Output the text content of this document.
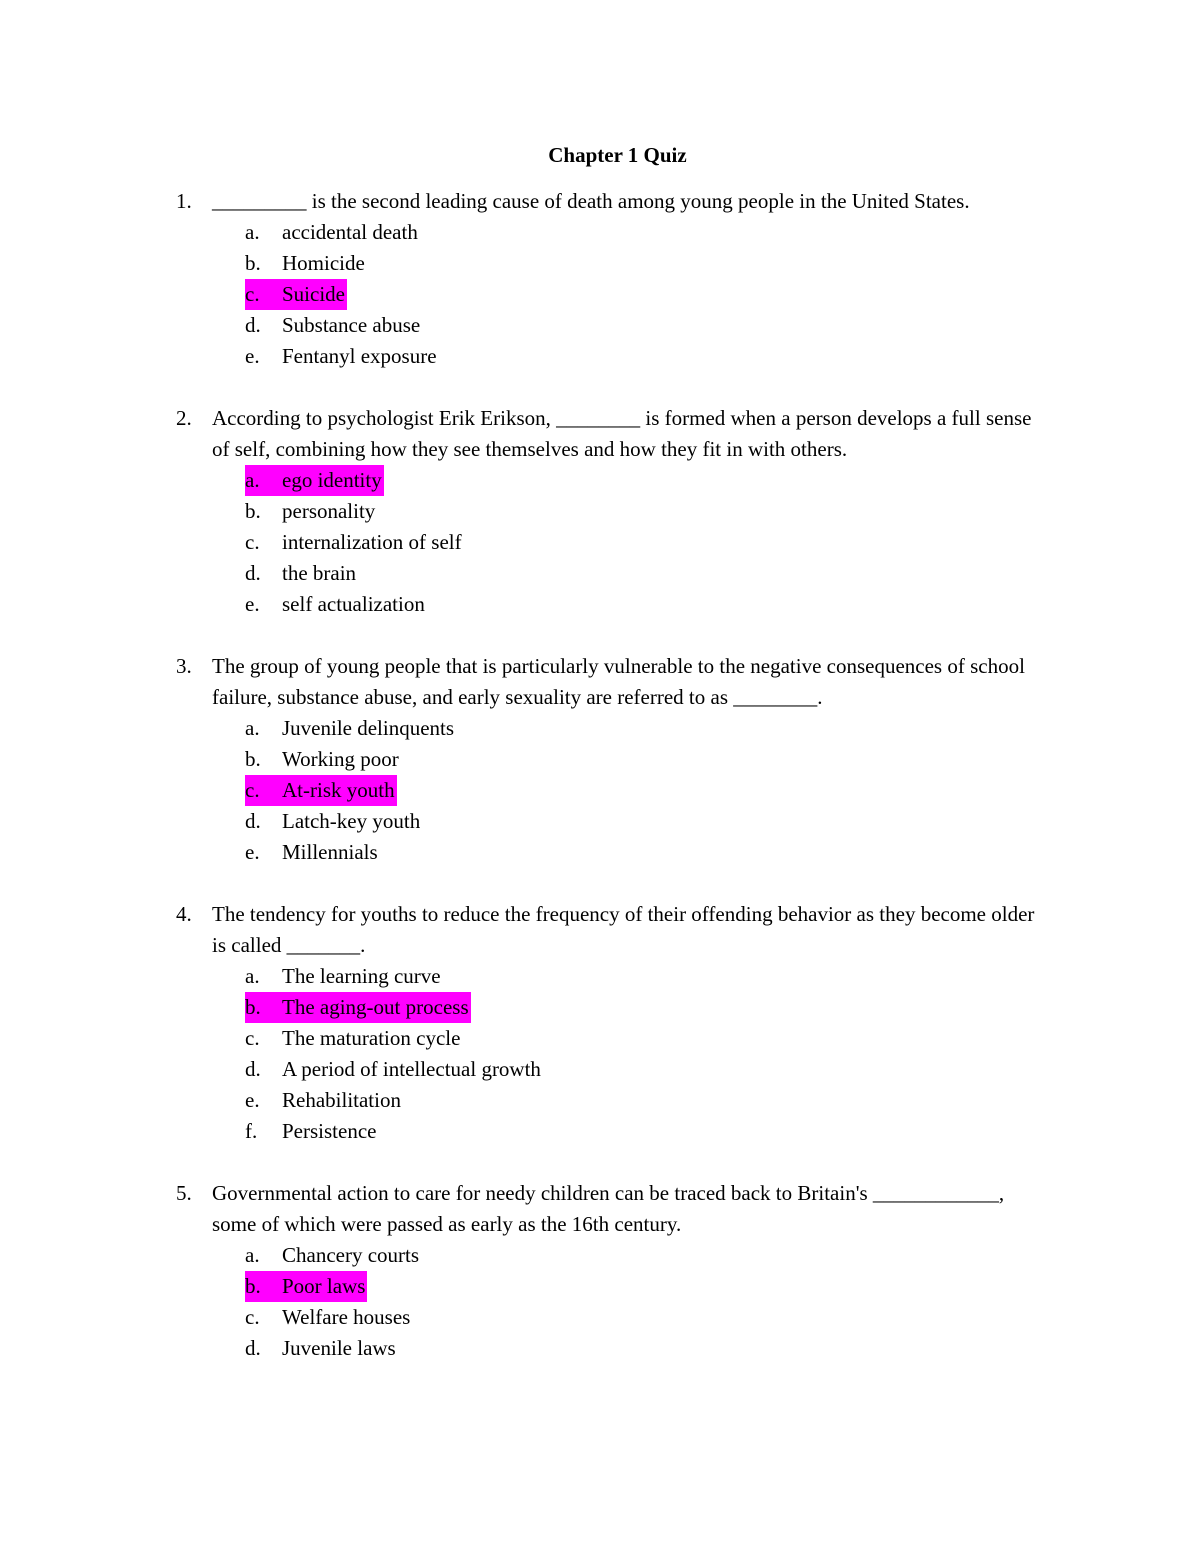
Chapter 1 Quiz
1. _________ is the second leading cause of death among young people in the United States.
a. accidental death
b. Homicide
c. Suicide
d. Substance abuse
e. Fentanyl exposure
2. According to psychologist Erik Erikson, ________ is formed when a person develops a full sense of self, combining how they see themselves and how they fit in with others.
a. ego identity
b. personality
c. internalization of self
d. the brain
e. self actualization
3. The group of young people that is particularly vulnerable to the negative consequences of school failure, substance abuse, and early sexuality are referred to as ________.
a. Juvenile delinquents
b. Working poor
c. At-risk youth
d. Latch-key youth
e. Millennials
4. The tendency for youths to reduce the frequency of their offending behavior as they become older is called _______.
a. The learning curve
b. The aging-out process
c. The maturation cycle
d. A period of intellectual growth
e. Rehabilitation
f. Persistence
5. Governmental action to care for needy children can be traced back to Britain's ____________, some of which were passed as early as the 16th century.
a. Chancery courts
b. Poor laws
c. Welfare houses
d. Juvenile laws
